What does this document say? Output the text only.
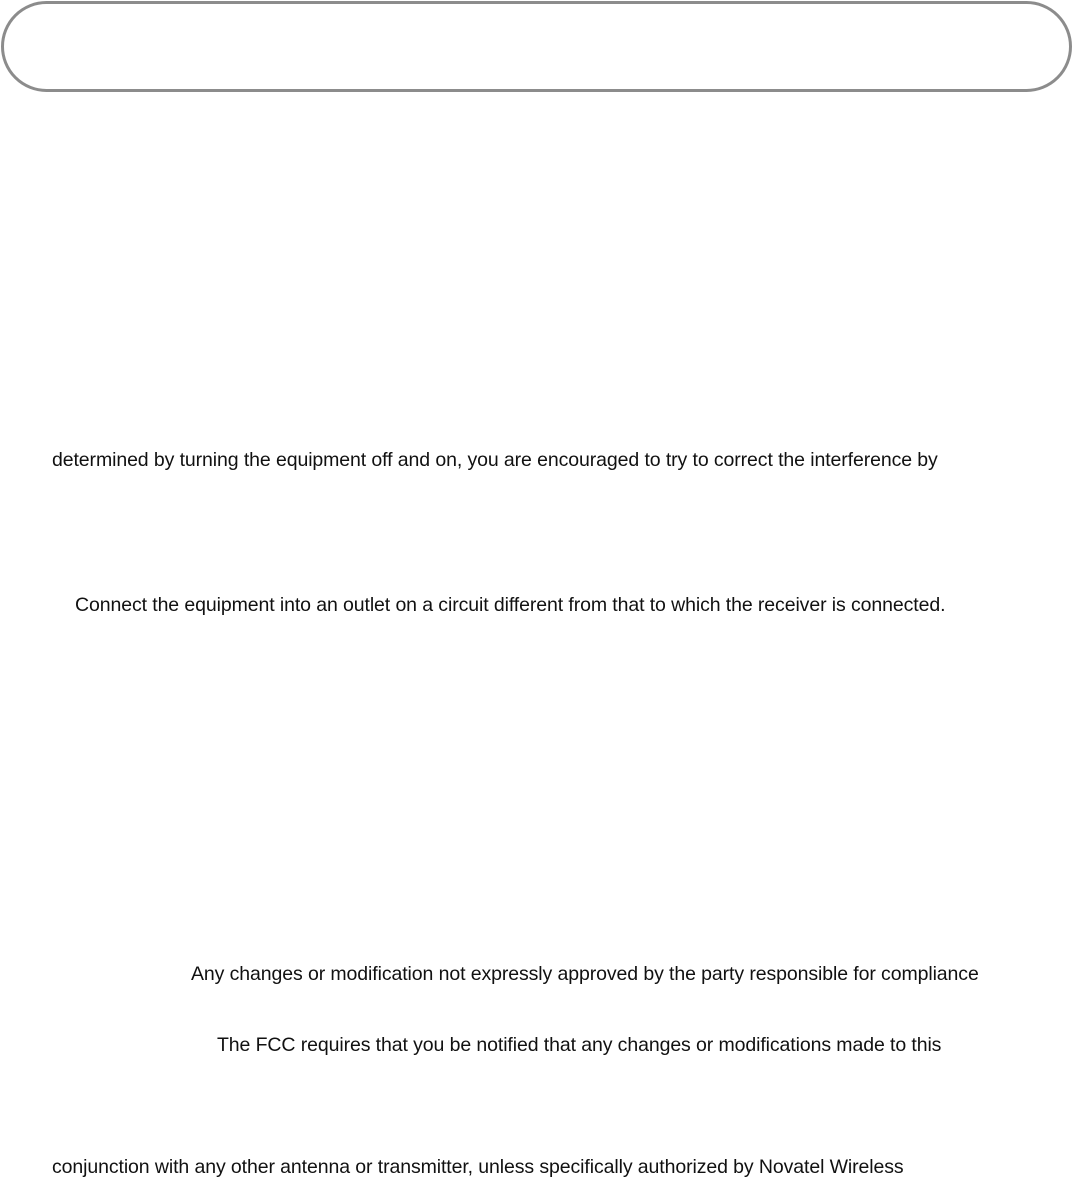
determined by turning the equipment off and on, you are encouraged to try to correct the interference by
Connect the equipment into an outlet on a circuit different from that to which the receiver is connected.
Any changes or modification not expressly approved by the party responsible for compliance
The FCC requires that you be notified that any changes or modifications made to this
conjunction with any other antenna or transmitter, unless specifically authorized by Novatel Wireless
